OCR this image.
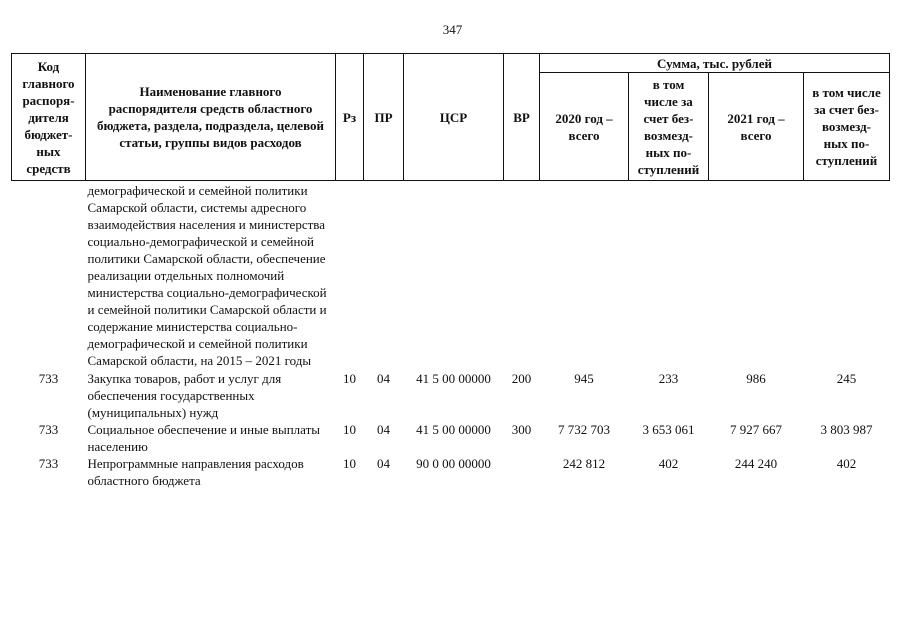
347
Код главного распоря-дителя бюджет-ных средств	Наименование главного распорядителя средств областного бюджета, раздела, подраздела, целевой статьи, группы видов расходов	Рз	ПР	ЦСР	ВР	Сумма, тыс. рублей			
						2020 год – всего	в том числе за счет без-возмезд-ных по-ступлений	2021 год – всего	в том числе за счет без-возмезд-ных по-ступлений
	демографической и семейной политики Самарской области, системы адресного взаимодействия населения и министерства социально-демографической и семейной политики Самарской области, обеспечение реализации отдельных полномочий министерства социально-демографической и семейной политики Самарской области и содержание министерства социально-демографической и семейной политики Самарской области, на 2015 – 2021 годы								
733	Закупка товаров, работ и услуг для обеспечения государственных (муниципальных) нужд	10	04	41 5 00 00000	200	945	233	986	245
733	Социальное обеспечение и иные выплаты населению	10	04	41 5 00 00000	300	7 732 703	3 653 061	7 927 667	3 803 987
733	Непрограммные направления расходов областного бюджета	10	04	90 0 00 00000		242 812	402	244 240	402
